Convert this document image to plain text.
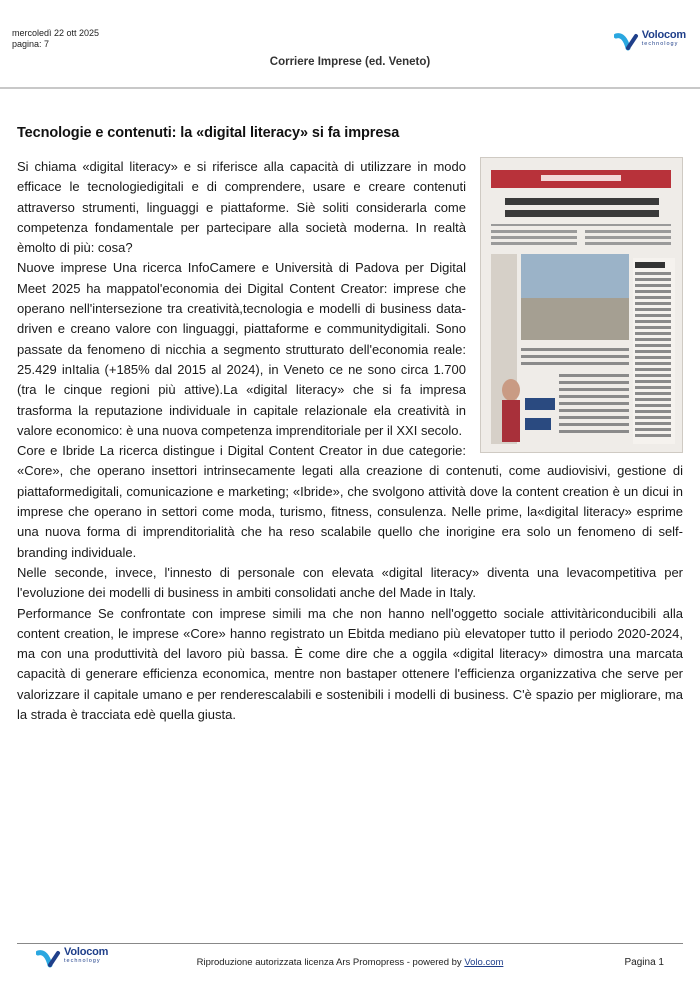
mercoledì 22 ott 2025
pagina: 7
Volocom
technology
Corriere Imprese (ed. Veneto)
Tecnologie e contenuti: la «digital literacy» si fa impresa

Si chiama «digital literacy» e si riferisce alla capacità di utilizzare in modo efficace le tecnologiedigitali e di comprendere, usare e creare contenuti attraverso strumenti, linguaggi e piattaforme. Siè soliti considerarla come competenza fondamentale per partecipare alla società moderna. In realtà èmolto di più: cosa?

Nuove imprese Una ricerca InfoCamere e Università di Padova per Digital Meet 2025 ha mappatol'economia dei Digital Content Creator: imprese che operano nell'intersezione tra creatività,tecnologia e modelli di business data-driven e creano valore con linguaggi, piattaforme e communitydigitali. Sono passate da fenomeno di nicchia a segmento strutturato dell'economia reale: 25.429 inItalia (+185% dal 2015 al 2024), in Veneto ce ne sono circa 1.700 (tra le cinque regioni più attive).La «digital literacy» che si fa impresa trasforma la reputazione individuale in capitale relazionale ela creatività in valore economico: è una nuova competenza imprenditoriale per il XXI secolo.

Core e Ibride La ricerca distingue i Digital Content Creator in due categorie: «Core», che operano insettori intrinsecamente legati alla creazione di contenuti, come audiovisivi, gestione di piattaformedigitali, comunicazione e marketing; «Ibride», che svolgono attività dove la content creation è un dicui in imprese che operano in settori come moda, turismo, fitness, consulenza. Nelle prime, la«digital literacy» esprime una nuova forma di imprenditorialità che ha reso scalabile quello che inorigine era solo un fenomeno di self-branding individuale.

Nelle seconde, invece, l'innesto di personale con elevata «digital literacy» diventa una levacompetitiva per l'evoluzione dei modelli di business in ambiti consolidati anche del Made in Italy.

Performance Se confrontate con imprese simili ma che non hanno nell'oggetto sociale attivitàriconducibili alla content creation, le imprese «Core» hanno registrato un Ebitda mediano più elevatoper tutto il periodo 2020-2024, ma con una produttività del lavoro più bassa. È come dire che a oggila «digital literacy» dimostra una marcata capacità di generare efficienza economica, mentre non bastaper ottenere l'efficienza organizzativa che serve per valorizzare il capitale umano e per renderescalabili e sostenibili i modelli di business. C'è spazio per migliorare, ma la strada è tracciata edè quella giusta.

Volocom
technology	Riproduzione autorizzata licenza Ars Promopress - powered by Volo.com	Pagina 1
